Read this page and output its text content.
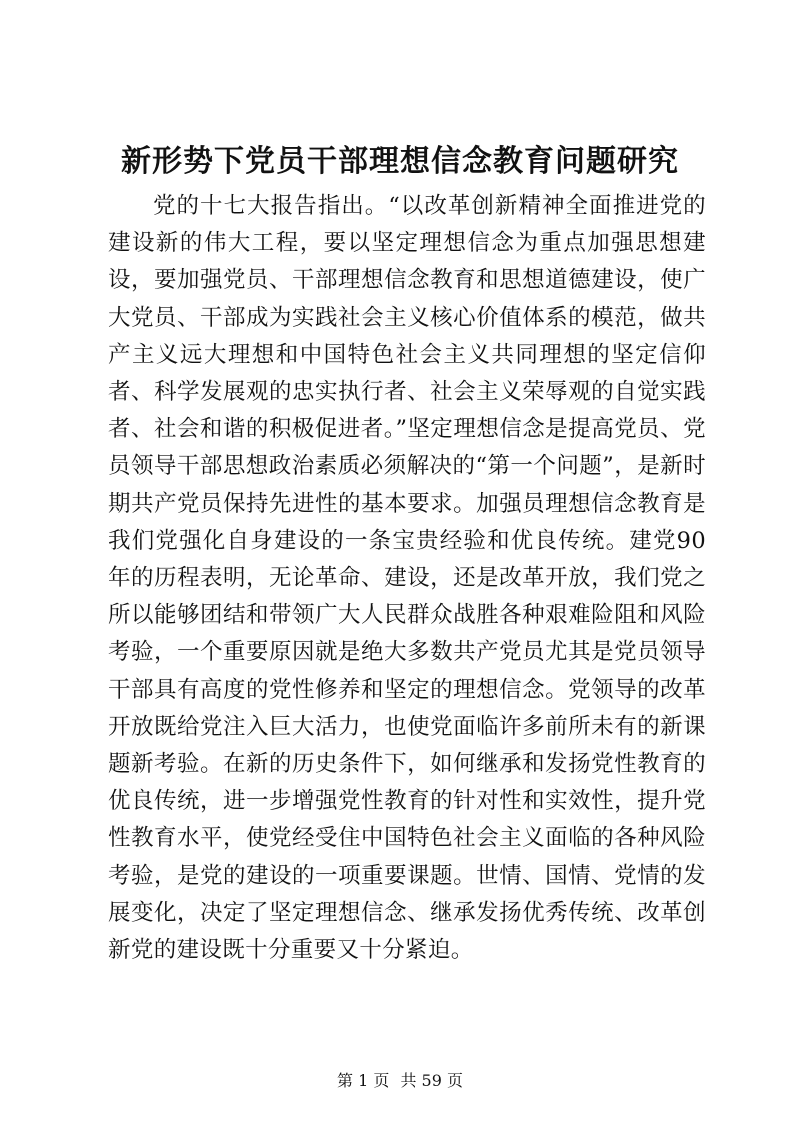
新形势下党员干部理想信念教育问题研究

党的十七大报告指出。“以改革创新精神全面推进党的建设新的伟大工程，要以坚定理想信念为重点加强思想建设，要加强党员、干部理想信念教育和思想道德建设，使广大党员、干部成为实践社会主义核心价值体系的模范，做共产主义远大理想和中国特色社会主义共同理想的坚定信仰者、科学发展观的忠实执行者、社会主义荣辱观的自觉实践者、社会和谐的积极促进者。”坚定理想信念是提高党员、党员领导干部思想政治素质必须解决的“第一个问题”，是新时期共产党员保持先进性的基本要求。加强员理想信念教育是我们党强化自身建设的一条宝贵经验和优良传统。建党90年的历程表明，无论革命、建设，还是改革开放，我们党之所以能够团结和带领广大人民群众战胜各种艰难险阻和风险考验，一个重要原因就是绝大多数共产党员尤其是党员领导干部具有高度的党性修养和坚定的理想信念。党领导的改革开放既给党注入巨大活力，也使党面临许多前所未有的新课题新考验。在新的历史条件下，如何继承和发扬党性教育的优良传统，进一步增强党性教育的针对性和实效性，提升党性教育水平，使党经受住中国特色社会主义面临的各种风险考验，是党的建设的一项重要课题。世情、国情、党情的发展变化，决定了坚定理想信念、继承发扬优秀传统、改革创新党的建设既十分重要又十分紧迫。

第 1 页 共 59 页
